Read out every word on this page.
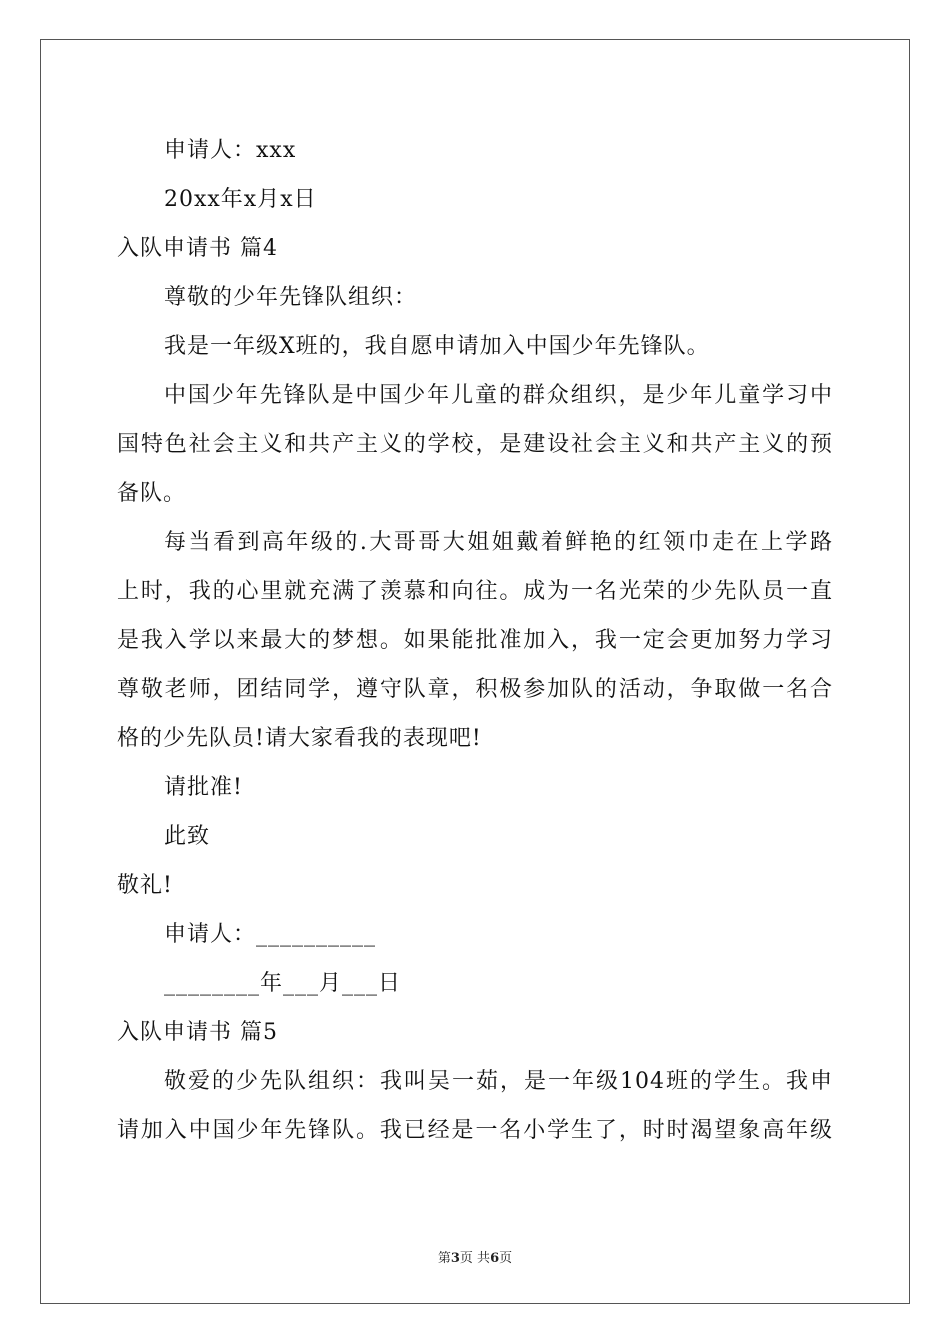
申请人：xxx
20xx年x月x日
入队申请书 篇4
尊敬的少年先锋队组织：
我是一年级X班的，我自愿申请加入中国少年先锋队。
中国少年先锋队是中国少年儿童的群众组织，是少年儿童学习中
国特色社会主义和共产主义的学校，是建设社会主义和共产主义的预
备队。
每当看到高年级的.大哥哥大姐姐戴着鲜艳的红领巾走在上学路
上时，我的心里就充满了羡慕和向往。成为一名光荣的少先队员一直
是我入学以来最大的梦想。如果能批准加入，我一定会更加努力学习
尊敬老师，团结同学，遵守队章，积极参加队的活动，争取做一名合
格的少先队员!请大家看我的表现吧!
请批准!
此致
敬礼!
申请人：__________
________年___月___日
入队申请书 篇5
敬爱的少先队组织：我叫吴一茹，是一年级104班的学生。我申
请加入中国少年先锋队。我已经是一名小学生了，时时渴望象高年级
第3页 共6页
